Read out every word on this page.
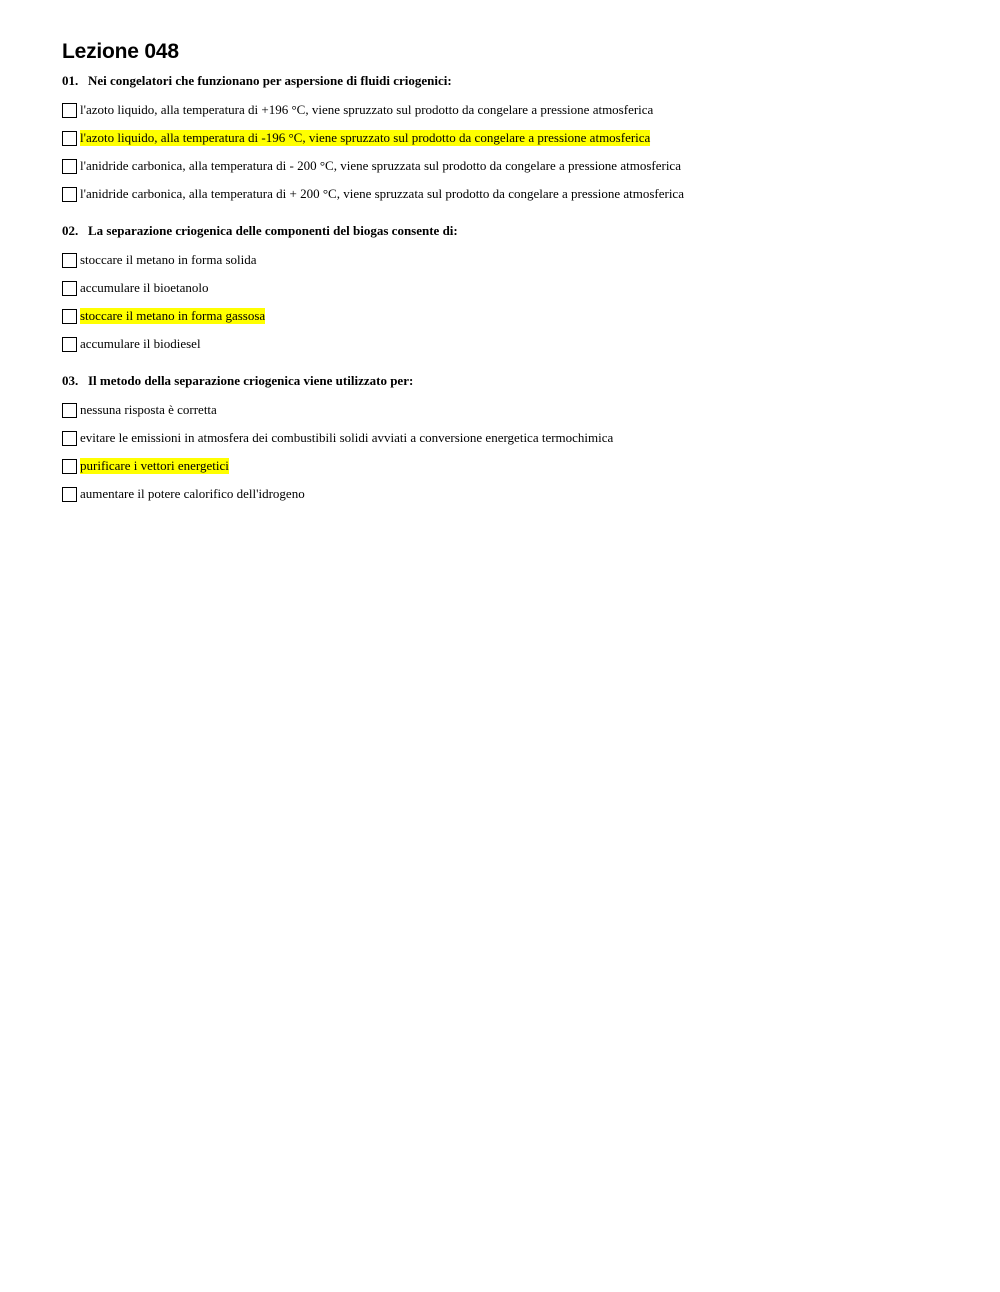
Lezione 048

01. Nei congelatori che funzionano per aspersione di fluidi criogenici:

l'azoto liquido, alla temperatura di +196 °C, viene spruzzato sul prodotto da congelare a pressione atmosferica
l'azoto liquido, alla temperatura di -196 °C, viene spruzzato sul prodotto da congelare a pressione atmosferica
l'anidride carbonica, alla temperatura di - 200 °C, viene spruzzata sul prodotto da congelare a pressione atmosferica
l'anidride carbonica, alla temperatura di + 200 °C, viene spruzzata sul prodotto da congelare a pressione atmosferica

02. La separazione criogenica delle componenti del biogas consente di:

stoccare il metano in forma solida
accumulare il bioetanolo
stoccare il metano in forma gassosa
accumulare il biodiesel

03. Il metodo della separazione criogenica viene utilizzato per:

nessuna risposta è corretta
evitare le emissioni in atmosfera dei combustibili solidi avviati a conversione energetica termochimica
purificare i vettori energetici
aumentare il potere calorifico dell'idrogeno
